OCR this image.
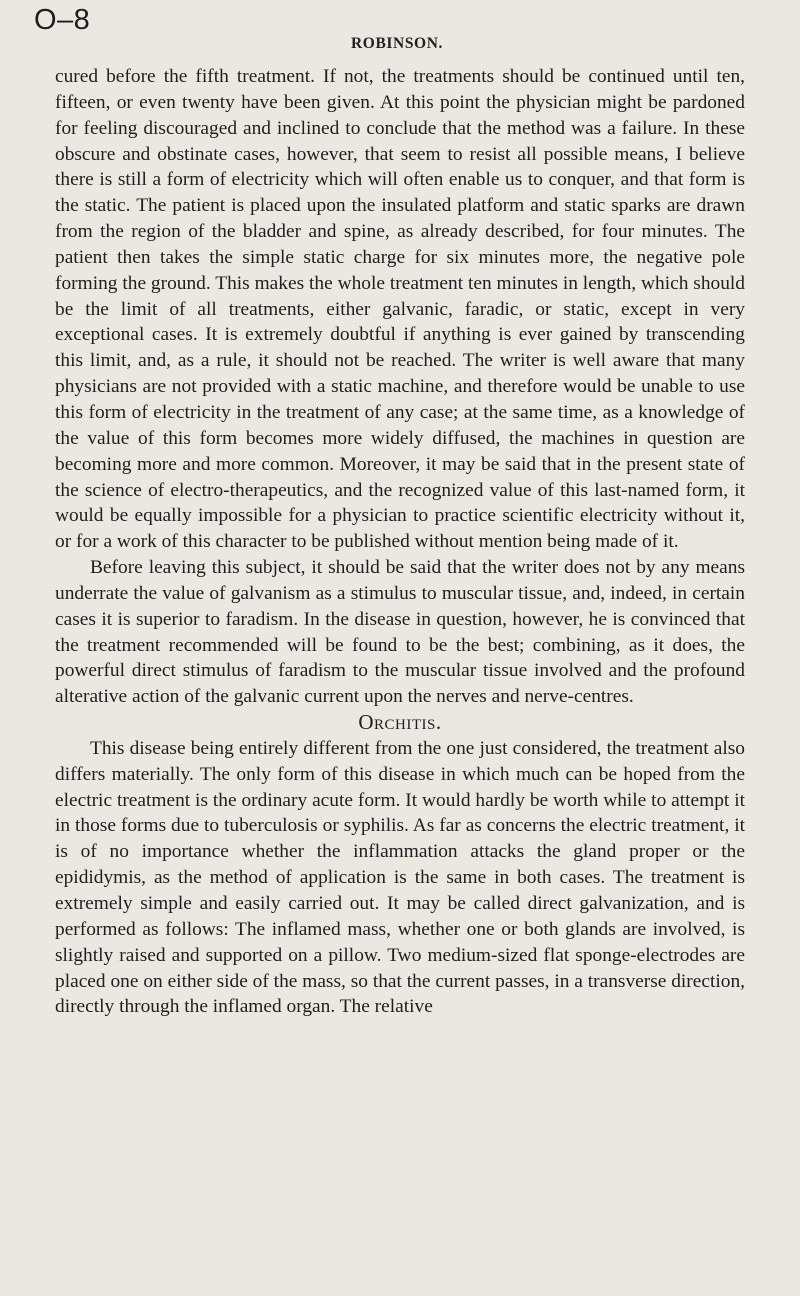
O–8
ROBINSON.

cured before the fifth treatment. If not, the treatments should be continued until ten, fifteen, or even twenty have been given. At this point the physician might be pardoned for feeling discouraged and inclined to conclude that the method was a failure. In these obscure and obstinate cases, however, that seem to resist all possible means, I believe there is still a form of electricity which will often enable us to conquer, and that form is the static. The patient is placed upon the insulated platform and static sparks are drawn from the region of the bladder and spine, as already described, for four minutes. The patient then takes the simple static charge for six minutes more, the negative pole forming the ground. This makes the whole treatment ten minutes in length, which should be the limit of all treatments, either galvanic, faradic, or static, except in very exceptional cases. It is extremely doubtful if anything is ever gained by transcending this limit, and, as a rule, it should not be reached. The writer is well aware that many physicians are not provided with a static machine, and therefore would be unable to use this form of electricity in the treatment of any case; at the same time, as a knowledge of the value of this form becomes more widely diffused, the machines in question are becoming more and more common. Moreover, it may be said that in the present state of the science of electro-therapeutics, and the recognized value of this last-named form, it would be equally impossible for a physician to practice scientific electricity without it, or for a work of this character to be published without mention being made of it.

Before leaving this subject, it should be said that the writer does not by any means underrate the value of galvanism as a stimulus to muscular tissue, and, indeed, in certain cases it is superior to faradism. In the disease in question, however, he is convinced that the treatment recommended will be found to be the best; combining, as it does, the powerful direct stimulus of faradism to the muscular tissue involved and the profound alterative action of the galvanic current upon the nerves and nerve-centres.

Orchitis.

This disease being entirely different from the one just considered, the treatment also differs materially. The only form of this disease in which much can be hoped from the electric treatment is the ordinary acute form. It would hardly be worth while to attempt it in those forms due to tuberculosis or syphilis. As far as concerns the electric treatment, it is of no importance whether the inflammation attacks the gland proper or the epididymis, as the method of application is the same in both cases. The treatment is extremely simple and easily carried out. It may be called direct galvanization, and is performed as follows: The inflamed mass, whether one or both glands are involved, is slightly raised and supported on a pillow. Two medium-sized flat sponge-electrodes are placed one on either side of the mass, so that the current passes, in a transverse direction, directly through the inflamed organ. The relative
